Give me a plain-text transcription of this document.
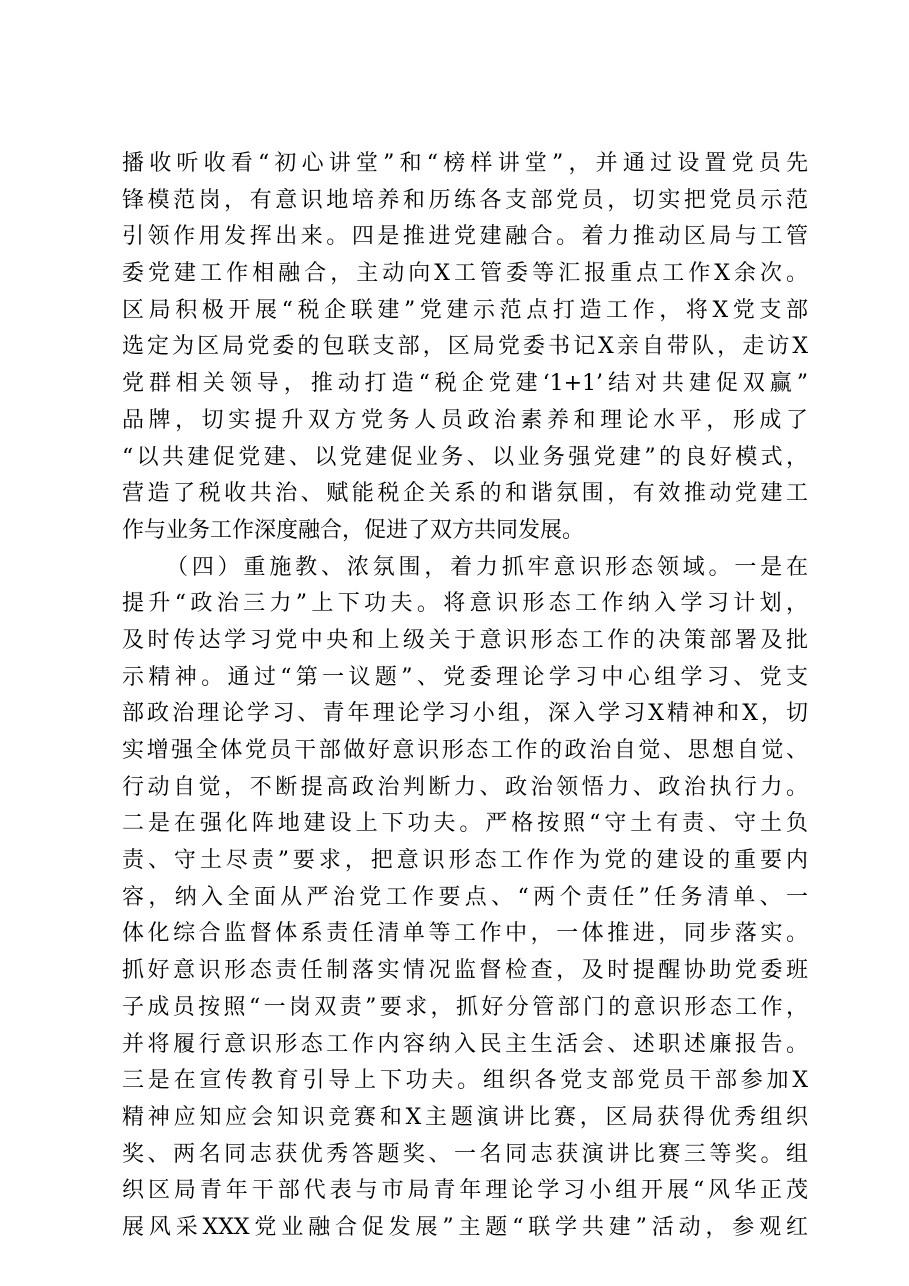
播收听收看“初心讲堂”和“榜样讲堂”，并通过设置党员先
锋模范岗，有意识地培养和历练各支部党员，切实把党员示范
引领作用发挥出来。四是推进党建融合。着力推动区局与工管
委党建工作相融合，主动向X工管委等汇报重点工作X余次。
区局积极开展“税企联建”党建示范点打造工作，将X党支部
选定为区局党委的包联支部，区局党委书记X亲自带队，走访X
党群相关领导，推动打造“税企党建‘1+1’结对共建促双赢”
品牌，切实提升双方党务人员政治素养和理论水平，形成了
“以共建促党建、以党建促业务、以业务强党建”的良好模式，
营造了税收共治、赋能税企关系的和谐氛围，有效推动党建工
作与业务工作深度融合，促进了双方共同发展。
（四）重施教、浓氛围，着力抓牢意识形态领域。一是在
提升“政治三力”上下功夫。将意识形态工作纳入学习计划，
及时传达学习党中央和上级关于意识形态工作的决策部署及批
示精神。通过“第一议题”、党委理论学习中心组学习、党支
部政治理论学习、青年理论学习小组，深入学习X精神和X，切
实增强全体党员干部做好意识形态工作的政治自觉、思想自觉、
行动自觉，不断提高政治判断力、政治领悟力、政治执行力。
二是在强化阵地建设上下功夫。严格按照“守土有责、守土负
责、守土尽责”要求，把意识形态工作作为党的建设的重要内
容，纳入全面从严治党工作要点、“两个责任”任务清单、一
体化综合监督体系责任清单等工作中，一体推进，同步落实。
抓好意识形态责任制落实情况监督检查，及时提醒协助党委班
子成员按照“一岗双责”要求，抓好分管部门的意识形态工作，
并将履行意识形态工作内容纳入民主生活会、述职述廉报告。
三是在宣传教育引导上下功夫。组织各党支部党员干部参加X
精神应知应会知识竞赛和X主题演讲比赛，区局获得优秀组织
奖、两名同志获优秀答题奖、一名同志获演讲比赛三等奖。组
织区局青年干部代表与市局青年理论学习小组开展“风华正茂
展风采XXX党业融合促发展”主题“联学共建”活动，参观红
